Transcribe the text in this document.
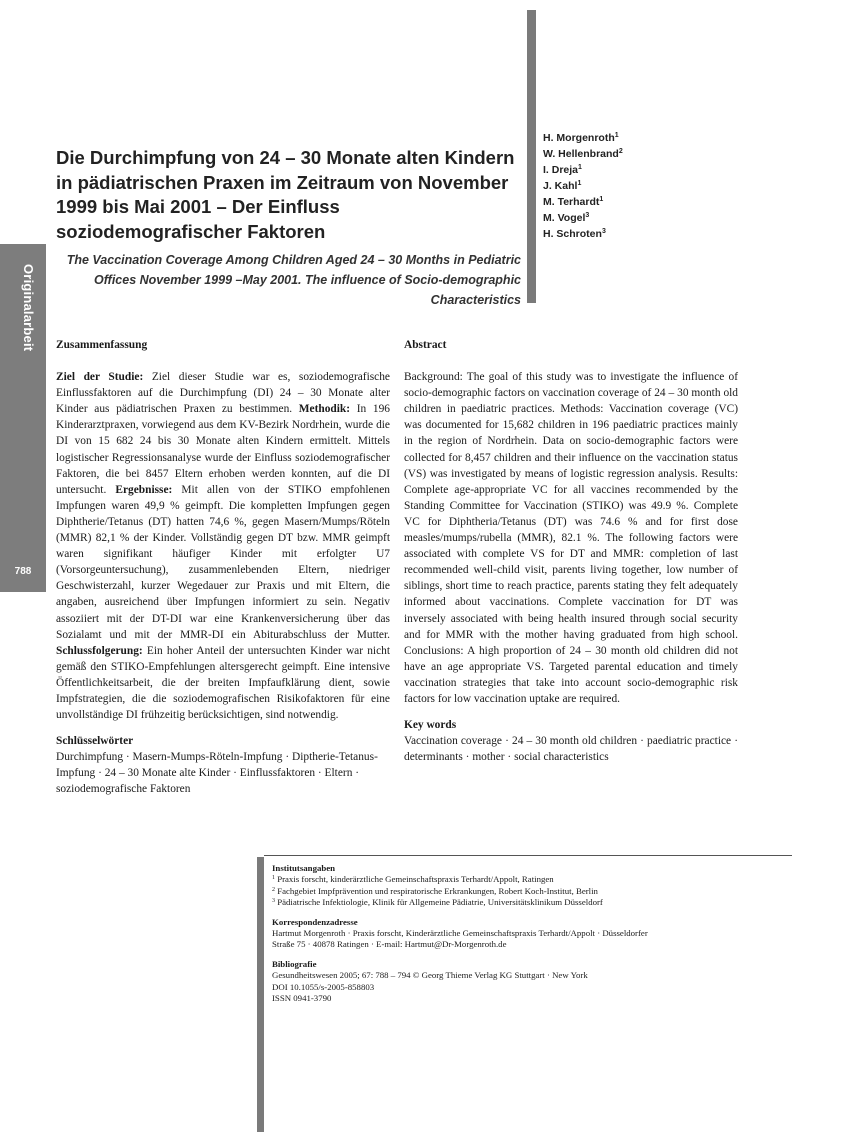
Originalarbeit
788
Die Durchimpfung von 24 – 30 Monate alten Kindern in pädiatrischen Praxen im Zeitraum von November 1999 bis Mai 2001 – Der Einfluss soziodemografischer Faktoren

The Vaccination Coverage Among Children Aged 24 – 30 Months in Pediatric Offices November 1999 –May 2001. The influence of Socio-demographic Characteristics

H. Morgenroth$^1$
W. Hellenbrand$^2$
I. Dreja$^1$
J. Kahl$^1$
M. Terhardt$^1$
M. Vogel$^3$
H. Schroten$^3$
Zusammenfassung

Ziel der Studie: Ziel dieser Studie war es, soziodemografische Einflussfaktoren auf die Durchimpfung (DI) 24 – 30 Monate alter Kinder aus pädiatrischen Praxen zu bestimmen. Methodik: In 196 Kinderarztpraxen, vorwiegend aus dem KV-Bezirk Nordrhein, wurde die DI von 15 682 24 bis 30 Monate alten Kindern ermittelt. Mittels logistischer Regressionsanalyse wurde der Einfluss soziodemografischer Faktoren, die bei 8457 Eltern erhoben werden konnten, auf die DI untersucht. Ergebnisse: Mit allen von der STIKO empfohlenen Impfungen waren 49,9 % geimpft. Die kompletten Impfungen gegen Diphtherie/Tetanus (DT) hatten 74,6 %, gegen Masern/Mumps/Röteln (MMR) 82,1 % der Kinder. Vollständig gegen DT bzw. MMR geimpft waren signifikant häufiger Kinder mit erfolgter U7 (Vorsorgeuntersuchung), zusammenlebenden Eltern, niedriger Geschwisterzahl, kurzer Wegedauer zur Praxis und mit Eltern, die angaben, ausreichend über Impfungen informiert zu sein. Negativ assoziiert mit der DT-DI war eine Krankenversicherung über das Sozialamt und mit der MMR-DI ein Abiturabschluss der Mutter. Schlussfolgerung: Ein hoher Anteil der untersuchten Kinder war nicht gemäß den STIKO-Empfehlungen altersgerecht geimpft. Eine intensive Öffentlichkeitsarbeit, die der breiten Impfaufklärung dient, sowie Impfstrategien, die die soziodemografischen Risikofaktoren für eine unvollständige DI frühzeitig berücksichtigen, sind notwendig.

Schlüsselwörter

Durchimpfung · Masern-Mumps-Röteln-Impfung · Diptherie-Tetanus-Impfung · 24 – 30 Monate alte Kinder · Einflussfaktoren · Eltern · soziodemografische Faktoren

Abstract

Background: The goal of this study was to investigate the influence of socio-demographic factors on vaccination coverage of 24 – 30 month old children in paediatric practices. Methods: Vaccination coverage (VC) was documented for 15,682 children in 196 paediatric practices mainly in the region of Nordrhein. Data on socio-demographic factors were collected for 8,457 children and their influence on the vaccination status (VS) was investigated by means of logistic regression analysis. Results: Complete age-appropriate VC for all vaccines recommended by the Standing Committee for Vaccination (STIKO) was 49.9 %. Complete VC for Diphtheria/Tetanus (DT) was 74.6 % and for first dose measles/mumps/rubella (MMR), 82.1 %. The following factors were associated with complete VS for DT and MMR: completion of last recommended well-child visit, parents living together, low number of siblings, short time to reach practice, parents stating they felt adequately informed about vaccinations. Complete vaccination for DT was inversely associated with being health insured through social security and for MMR with the mother having graduated from high school. Conclusions: A high proportion of 24 – 30 month old children did not have an age appropriate VS. Targeted parental education and timely vaccination strategies that take into account socio-demographic risk factors for low vaccination uptake are required.

Key words

Vaccination coverage · 24 – 30 month old children · paediatric practice · determinants · mother · social characteristics

Institutsangaben

$^1$ Praxis forscht, kinderärztliche Gemeinschaftspraxis Terhardt/Appolt, Ratingen

$^2$ Fachgebiet Impfprävention und respiratorische Erkrankungen, Robert Koch-Institut, Berlin

$^3$ Pädiatrische Infektiologie, Klinik für Allgemeine Pädiatrie, Universitätsklinikum Düsseldorf

Korrespondenzadresse

Hartmut Morgenroth · Praxis forscht, Kinderärztliche Gemeinschaftspraxis Terhardt/Appolt · Düsseldorfer

Straße 75 · 40878 Ratingen · E-mail: Hartmut@Dr-Morgenroth.de

Bibliografie

Gesundheitswesen 2005; 67: 788 – 794 © Georg Thieme Verlag KG Stuttgart · New York

DOI 10.1055/s-2005-858803

ISSN 0941-3790
